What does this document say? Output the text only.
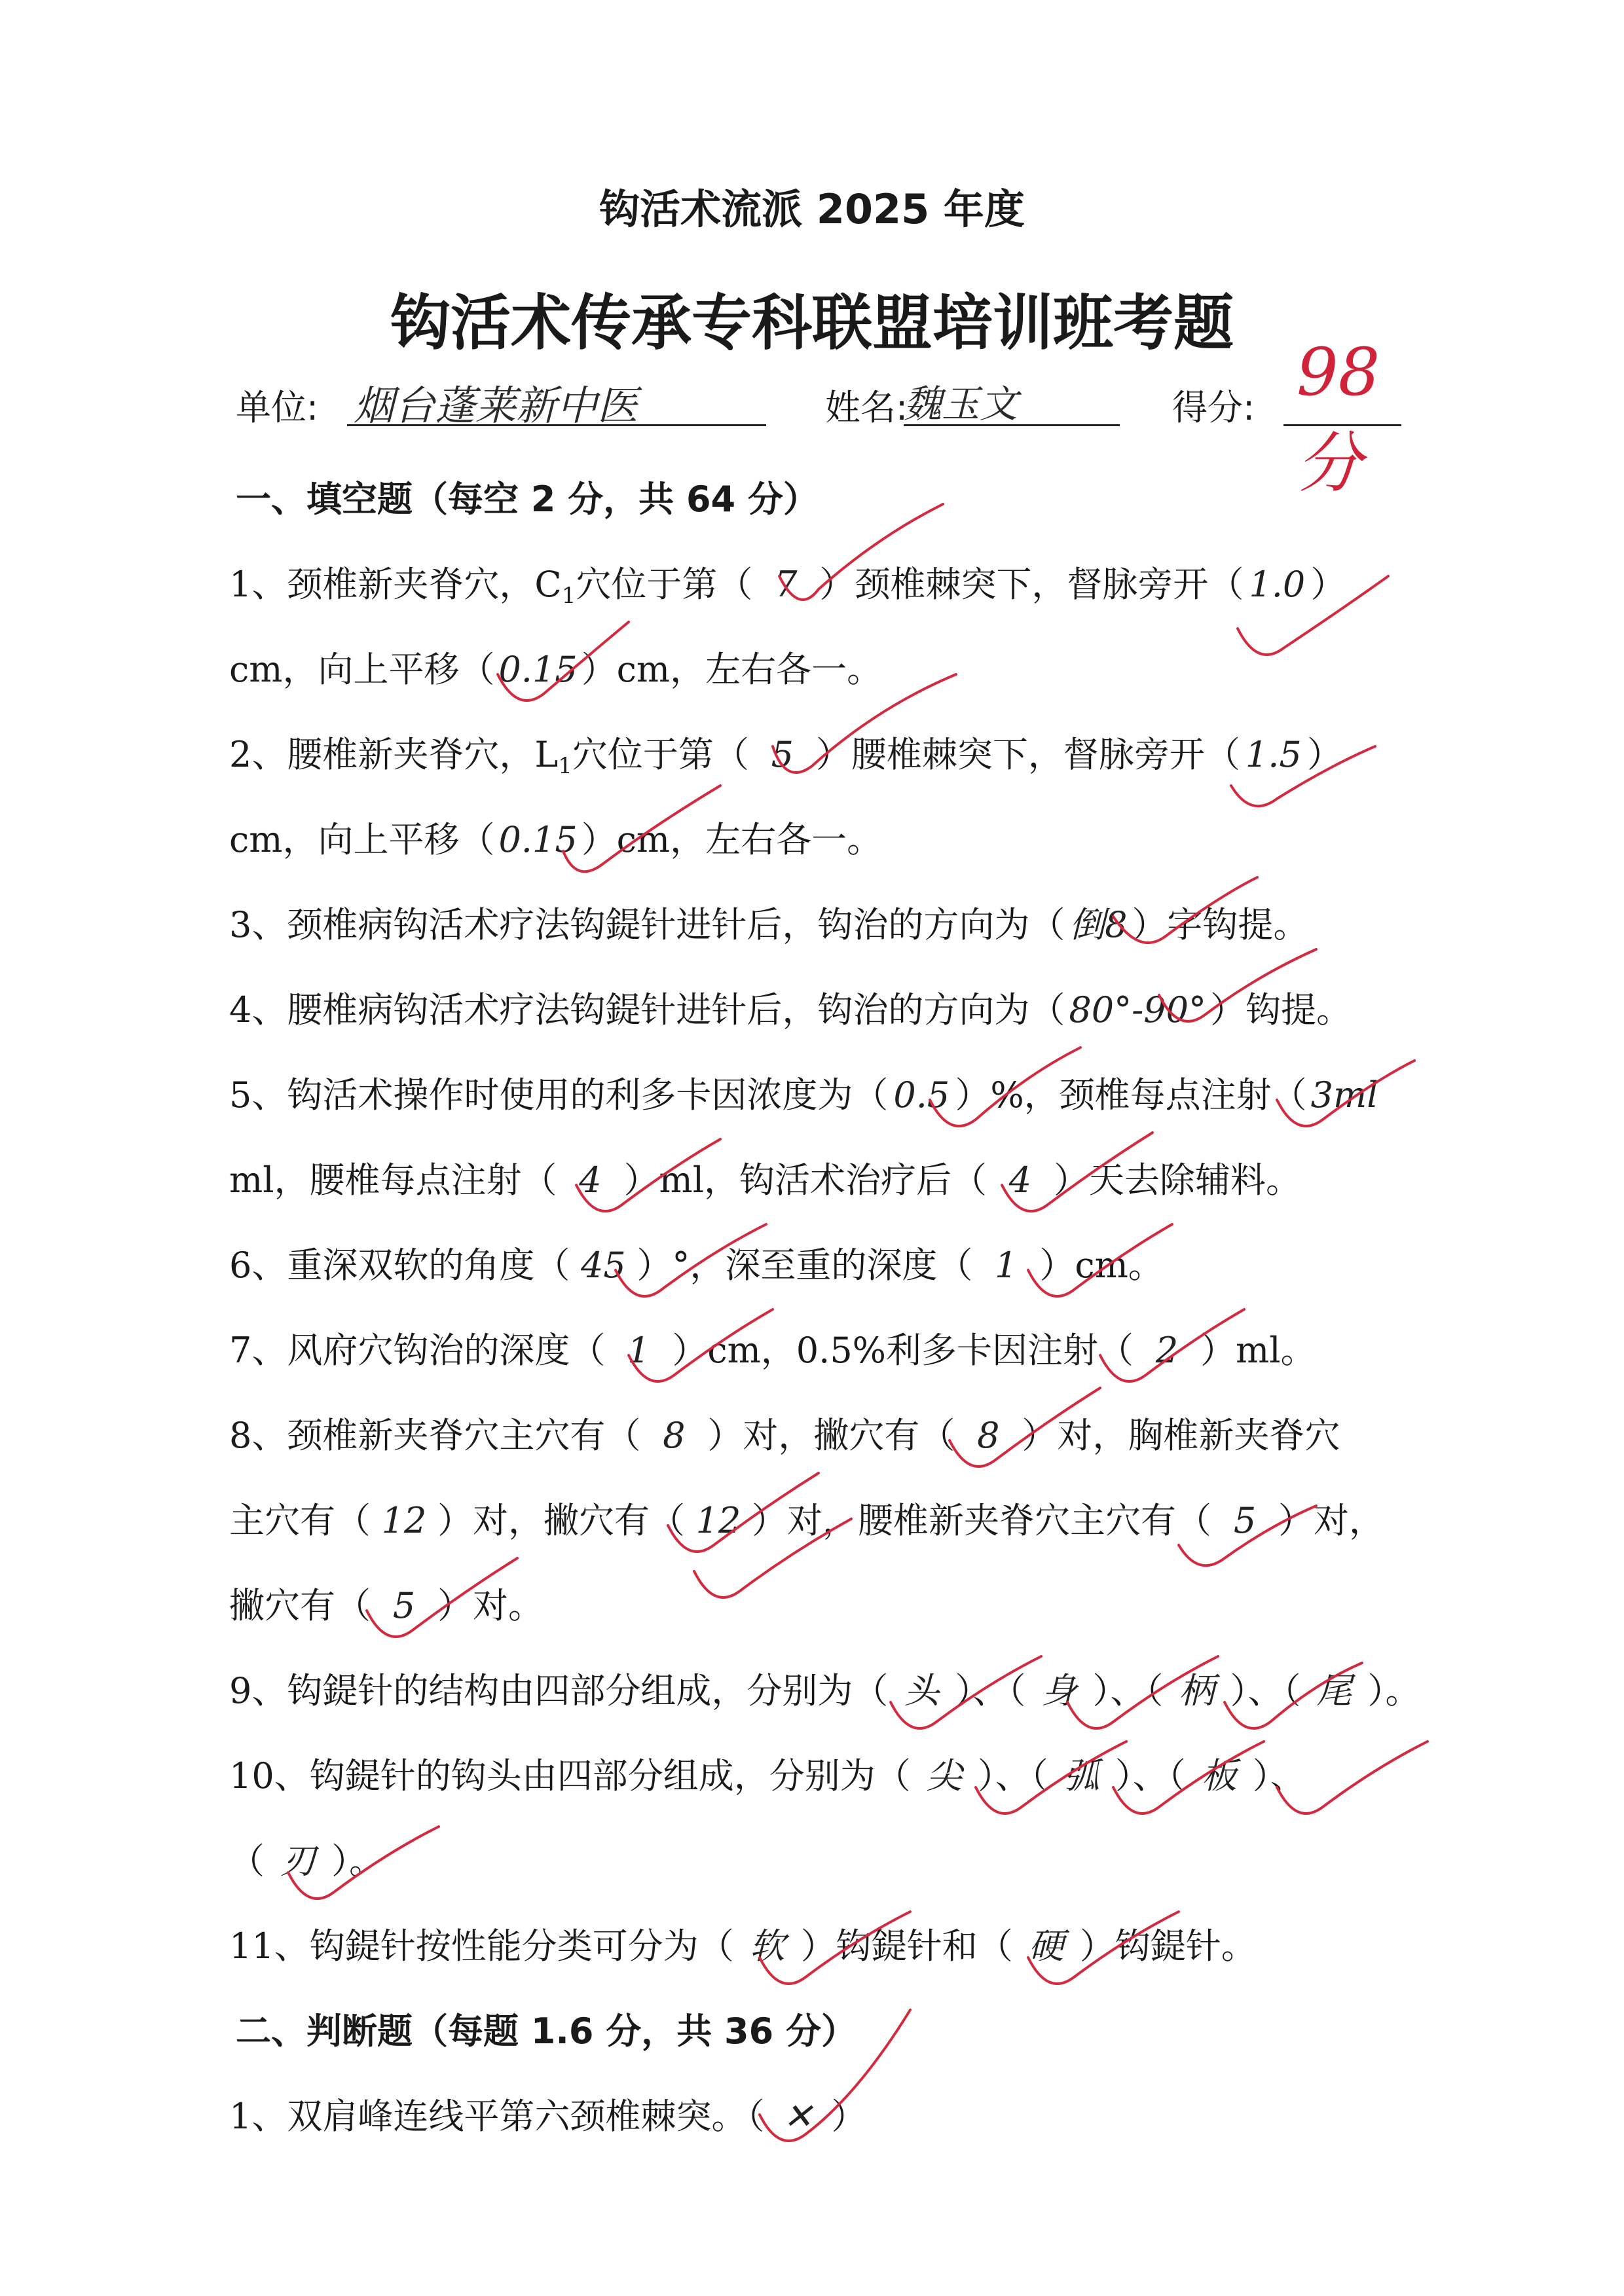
钩活术流派 2025 年度
钩活术传承专科联盟培训班考题
单位: 烟台蓬莱新中医	姓名:
魏玉文	得分: 98分
一、填空题（每空 2 分，共 64 分）
1、颈椎新夹脊穴，$C_1$穴位于第（ 7 ）颈椎棘突下，督脉旁开（ 1.0 ）
cm，向上平移（ 0.15 ）cm，左右各一。
2、腰椎新夹脊穴，$L_1$穴位于第（ 5 ）腰椎棘突下，督脉旁开（ 1.5 ）
cm，向上平移（ 0.15 ）cm，左右各一。
3、颈椎病钩活术疗法钩鍉针进针后，钩治的方向为（ 倒8 ）字钩提。
4、腰椎病钩活术疗法钩鍉针进针后，钩治的方向为（ 80°-90° ）钩提。
5、钩活术操作时使用的利多卡因浓度为（ 0.5 ）%，颈椎每点注射（ 3ml
ml，腰椎每点注射（ 4 ）ml，钩活术治疗后（ 4 ）天去除辅料。
6、重深双软的角度（ 45 ）°，深至重的深度（ 1 ）cm。
7、风府穴钩治的深度（ 1 ）cm，0.5%利多卡因注射（ 2 ）ml。
8、颈椎新夹脊穴主穴有（ 8 ）对，撇穴有（ 8 ）对，胸椎新夹脊穴
主穴有（ 12 ）对，撇穴有（ 12 ）对，腰椎新夹脊穴主穴有（ 5 ）对，
撇穴有（ 5 ）对。
9、钩鍉针的结构由四部分组成，分别为（ 头 ）、（ 身 ）、（ 柄 ）、（ 尾 ）。
10、钩鍉针的钩头由四部分组成，分别为（ 尖 ）、（ 弧 ）、（ 板 ）、
（ 刃 ）。
11、钩鍉针按性能分类可分为（ 软 ）钩鍉针和（ 硬 ）钩鍉针。
二、判断题（每题 1.6 分，共 36 分）
1、双肩峰连线平第六颈椎棘突。（ ✕ ）
